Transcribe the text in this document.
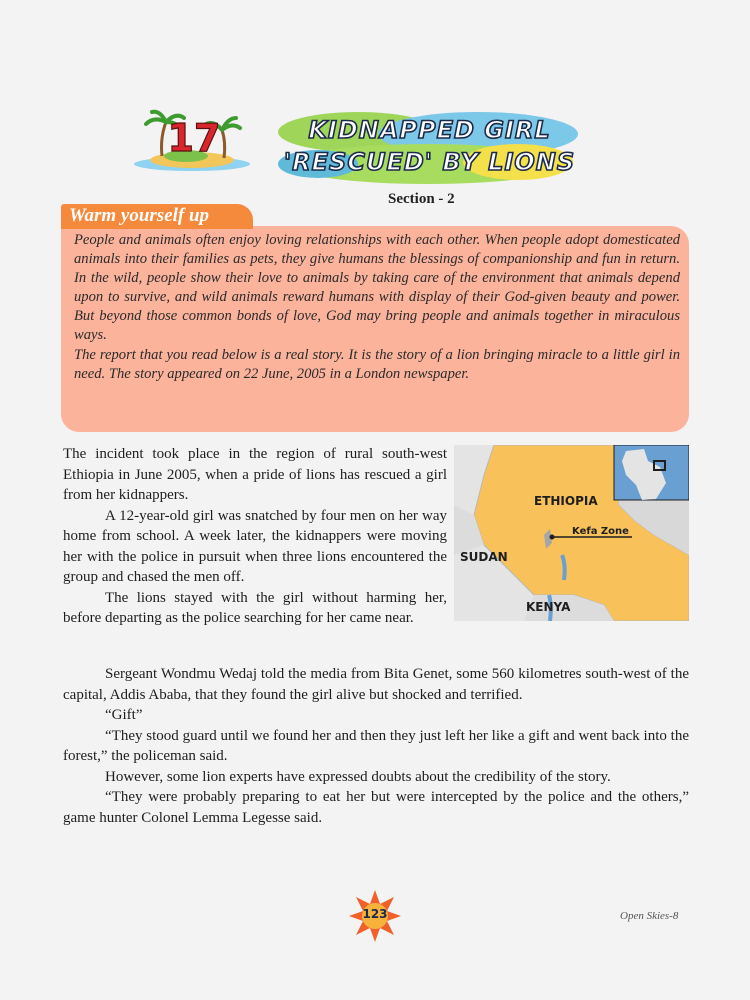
17	KIDNAPPED GIRL
'RESCUED' BY LIONS
Section - 2
Warm yourself up

People and animals often enjoy loving relationships with each other. When people adopt domesticated animals into their families as pets, they give humans the blessings of companionship and fun in return. In the wild, people show their love to animals by taking care of the environment that animals depend upon to survive, and wild animals reward humans with display of their God-given beauty and power. But beyond those common bonds of love, God may bring people and animals together in miraculous ways.

The report that you read below is a real story. It is the story of a lion bringing miracle to a little girl in need. The story appeared on 22 June, 2005 in a London newspaper.

ETHIOPIA
Kefa Zone
SUDAN
KENYA

The incident took place in the region of rural south-west Ethiopia in June 2005, when a pride of lions has rescued a girl from her kidnappers.

A 12-year-old girl was snatched by four men on her way home from school. A week later, the kidnappers were moving her with the police in pursuit when three lions encountered the group and chased the men off.

The lions stayed with the girl without harming her, before departing as the police searching for her came near.

Sergeant Wondmu Wedaj told the media from Bita Genet, some 560 kilometres south-west of the capital, Addis Ababa, that they found the girl alive but shocked and terrified.

“Gift”

“They stood guard until we found her and then they just left her like a gift and went back into the forest,” the policeman said.

However, some lion experts have expressed doubts about the credibility of the story.

“They were probably preparing to eat her but were intercepted by the police and the others,” game hunter Colonel Lemma Legesse said.

123	Open Skies-8
